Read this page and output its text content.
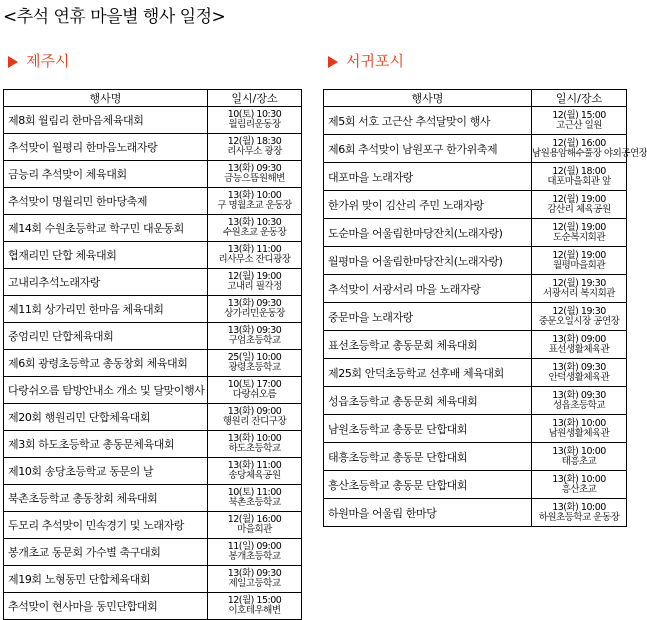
<추석 연휴 마을별 행사 일정>
제주시	서귀포시
행사명	일시/장소
제8회 월림리 한마음체육대회	10(토) 10:30
월림리운동장

추석맞이 월평리 한마음노래자랑	12(월) 18:30
리사무소 광장

금능리 추석맞이 체육대회	13(화) 09:30
금능으뜸원해변

추석맞이 명월리민 한마당축제	13(화) 10:00
구 명월초교 운동장

제14회 수원초등학교 학구민 대운동회	13(화) 10:30
수원초교 운동장

협재리민 단합 체육대회	13(화) 11:00
리사무소 잔디광장

고내리추석노래자랑	12(월) 19:00
고내리 필각정

제11회 상가리민 한마음 체육대회	13(화) 09:30
상가리민운동장

중엄리민 단합체육대회	13(화) 09:30
구엄초등학교

제6회 광령초등학교 총동창회 체육대회	25(일) 10:00
광령초등학교

다랑쉬오름 탐방안내소 개소 및 달맞이행사	10(토) 17:00
다랑쉬오름

제20회 행원리민 단합체육대회	13(화) 09:00
행원리 잔디구장

제3회 하도초등학교 총동문체육대회	13(화) 10:00
하도초등학교

제10회 송당초등학교 동문의 날	13(화) 11:00
송당체육공원

북촌초등학교 총동창회 체육대회	10(토) 11:00
북촌초등학교

두모리 추석맞이 민속경기 및 노래자랑	12(월) 16:00
마을회관

봉개초교 동문회 가수별 축구대회	11(일) 09:00
봉개초등학교

제19회 노형동민 단합체육대회	13(화) 09:30
제일고등학교

추석맞이 현사마을 동민단합대회	12(월) 15:00
이호테우해변
행사명	일시/장소
제5회 서호 고근산 추석달맞이 행사	12(월) 15:00
고근산 일원

제6회 추석맞이 남원포구 한가위축제	12(월) 16:00
남원용암해수풀장 야외공연장

대포마을 노래자랑	12(월) 18:00
대포마을회관 앞

한가위 맞이 김산리 주민 노래자랑	12(월) 19:00
감산리 체육공원

도순마을 어울림한마당잔치(노래자랑)	12(월) 19:00
도순복지회관

월평마을 어울림한마당잔치(노래자랑)	12(월) 19:00
월평마을회관

추석맞이 서광서리 마을 노래자랑	12(월) 19:30
서광서리 복지회관

중문마을 노래자랑	12(월) 19:30
중문오일시장 공연장

표선초등학교 총동문회 체육대회	13(화) 09:00
표선생활체육관

제25회 안덕초등학교 선후배 체육대회	13(화) 09:30
안덕생활체육관

성읍초등학교 총동문회 체육대회	13(화) 09:30
성읍초등학교

남원초등학교 총동문 단합대회	13(화) 10:00
남원생활체육관

태흥초등학교 총동문 단합대회	13(화) 10:00
태흥초교

흥산초등학교 총동문 단합대회	13(화) 10:00
흥산초교

하원마을 어울림 한마당	13(화) 10:00
하원초등학교 운동장
